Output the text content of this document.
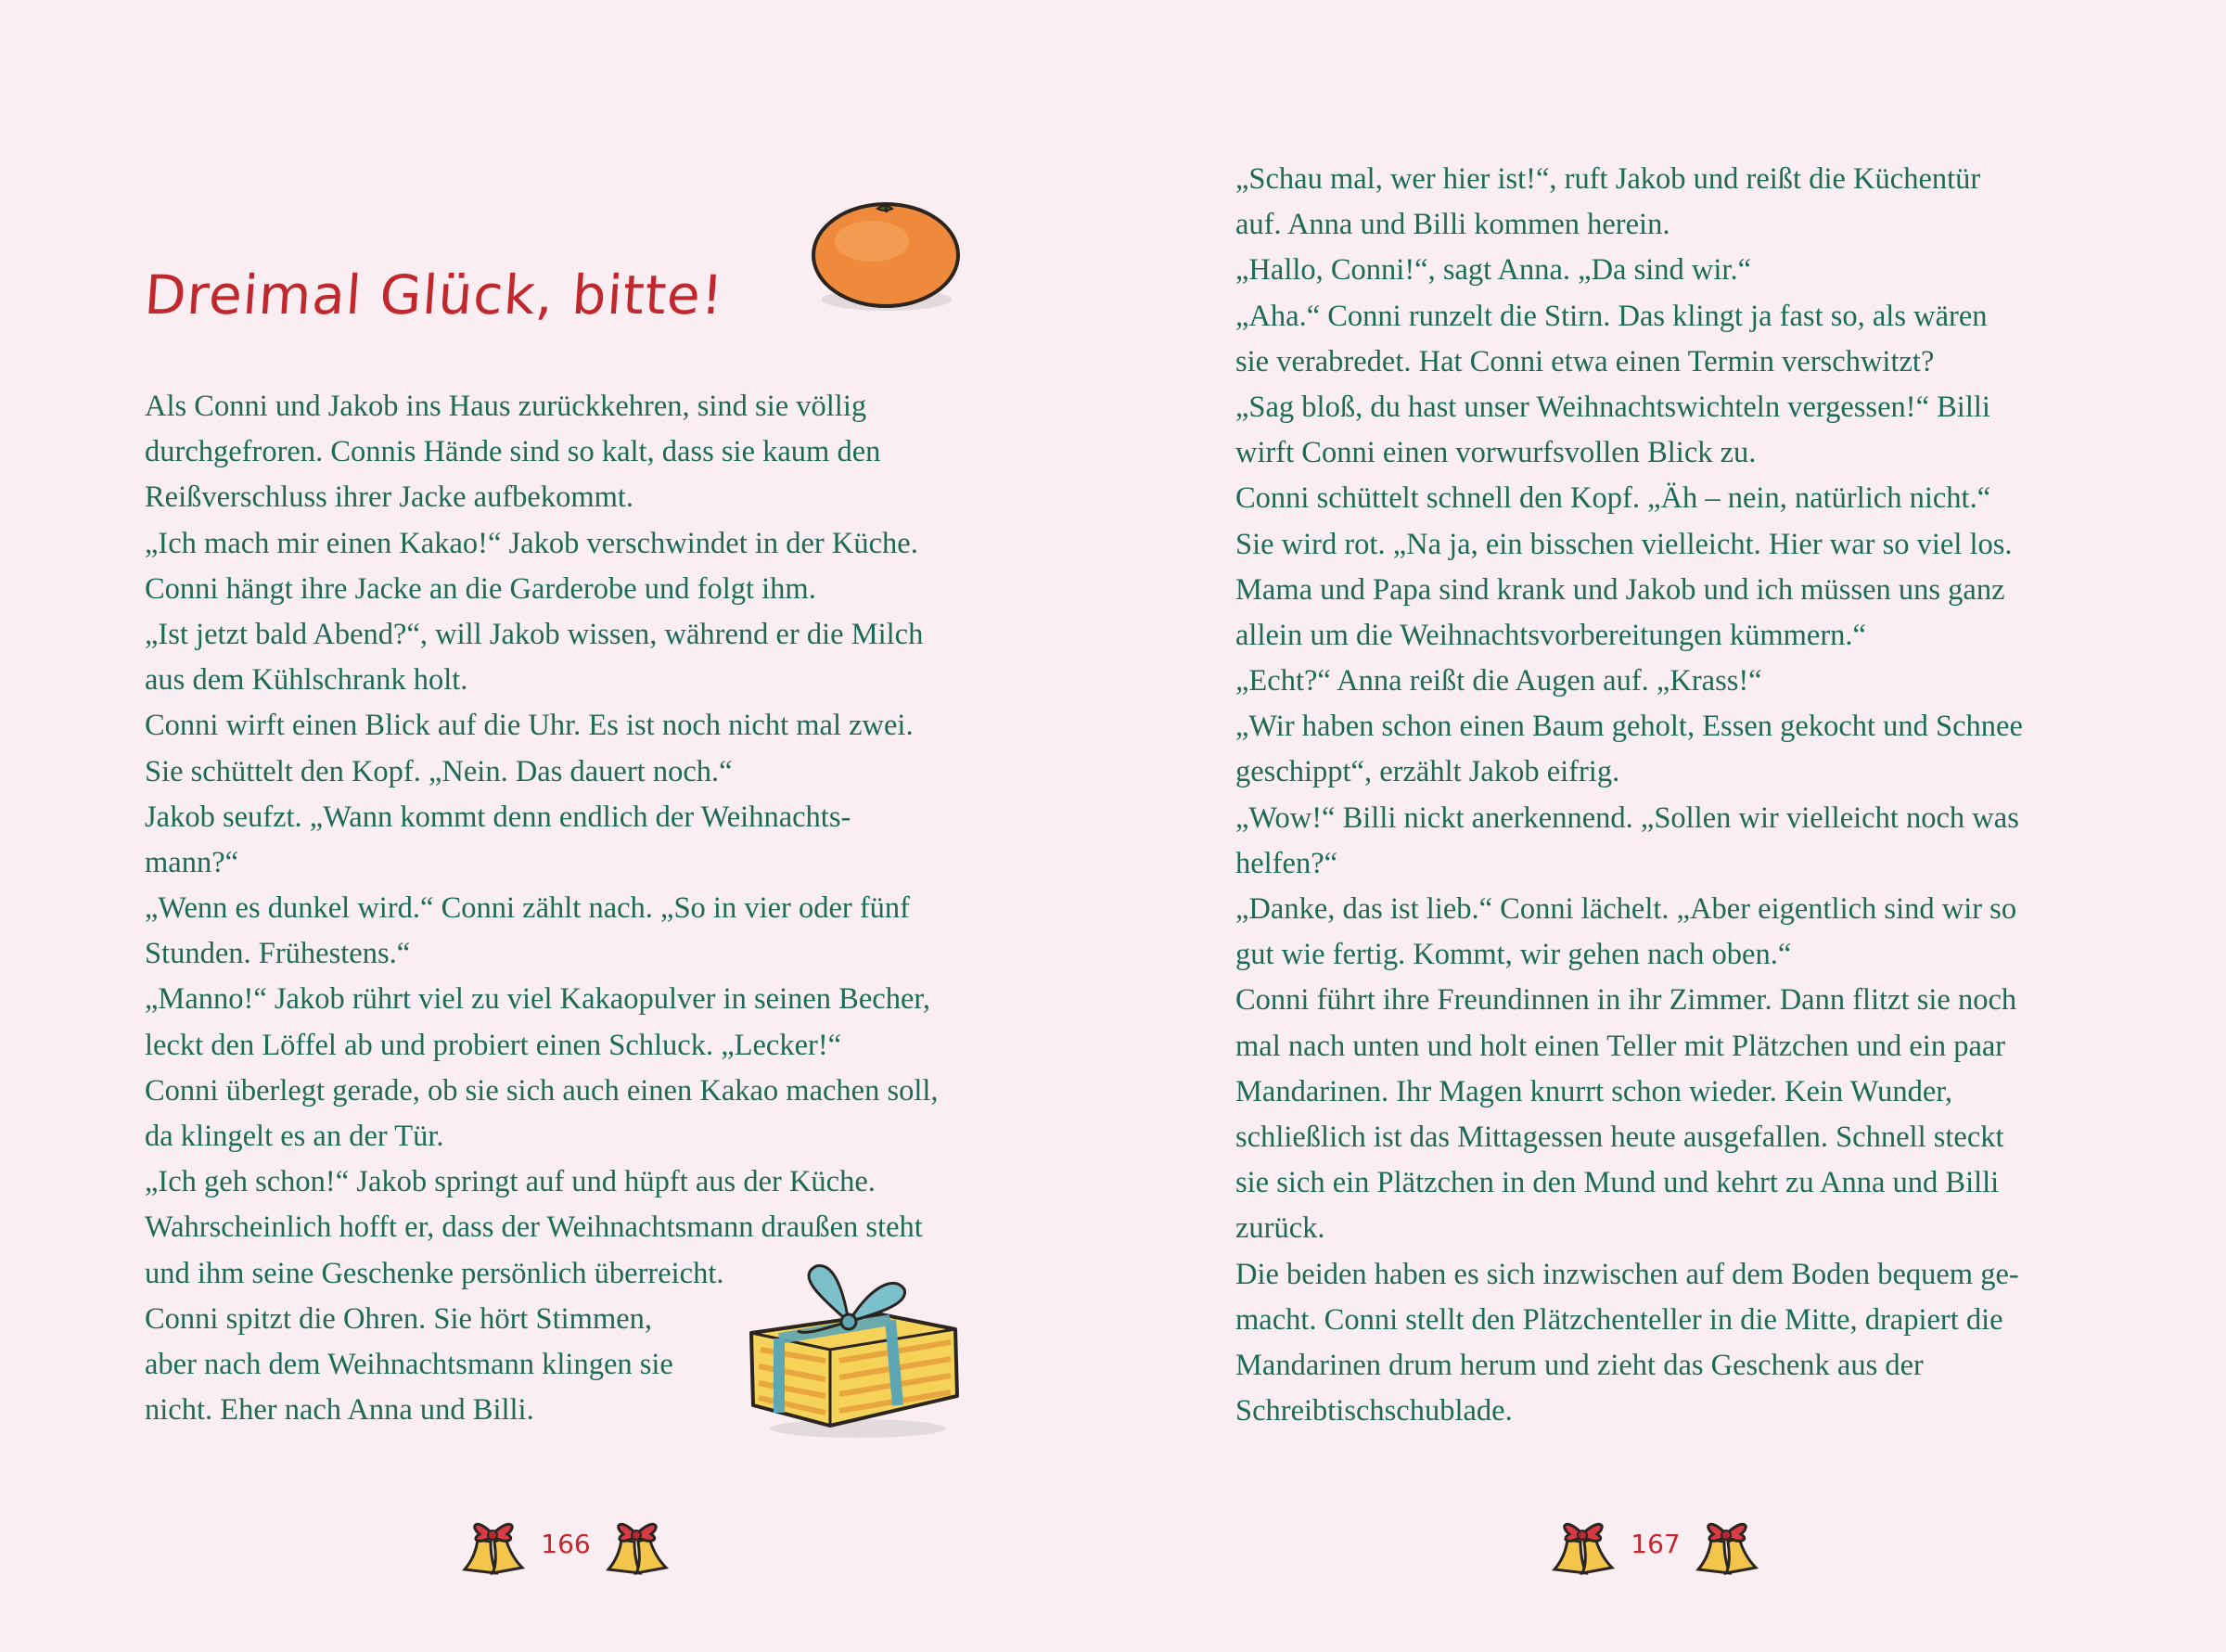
Dreimal Glück, bitte!
Als Conni und Jakob ins Haus zurückkehren, sind sie völlig
durchgefroren. Connis Hände sind so kalt, dass sie kaum den
Reißverschluss ihrer Jacke aufbekommt.
„Ich mach mir einen Kakao!“ Jakob verschwindet in der Küche.
Conni hängt ihre Jacke an die Garderobe und folgt ihm.
„Ist jetzt bald Abend?“, will Jakob wissen, während er die Milch
aus dem Kühlschrank holt.
Conni wirft einen Blick auf die Uhr. Es ist noch nicht mal zwei.
Sie schüttelt den Kopf. „Nein. Das dauert noch.“
Jakob seufzt. „Wann kommt denn endlich der Weihnachts-
mann?“
„Wenn es dunkel wird.“ Conni zählt nach. „So in vier oder fünf
Stunden. Frühestens.“
„Manno!“ Jakob rührt viel zu viel Kakaopulver in seinen Becher,
leckt den Löffel ab und probiert einen Schluck. „Lecker!“
Conni überlegt gerade, ob sie sich auch einen Kakao machen soll,
da klingelt es an der Tür.
„Ich geh schon!“ Jakob springt auf und hüpft aus der Küche.
Wahrscheinlich hofft er, dass der Weihnachtsmann draußen steht
und ihm seine Geschenke persönlich überreicht.
Conni spitzt die Ohren. Sie hört Stimmen,
aber nach dem Weihnachtsmann klingen sie
nicht. Eher nach Anna und Billi.
166	167
„Schau mal, wer hier ist!“, ruft Jakob und reißt die Küchentür
auf. Anna und Billi kommen herein.
„Hallo, Conni!“, sagt Anna. „Da sind wir.“
„Aha.“ Conni runzelt die Stirn. Das klingt ja fast so, als wären
sie verabredet. Hat Conni etwa einen Termin verschwitzt?
„Sag bloß, du hast unser Weihnachtswichteln vergessen!“ Billi
wirft Conni einen vorwurfsvollen Blick zu.
Conni schüttelt schnell den Kopf. „Äh – nein, natürlich nicht.“
Sie wird rot. „Na ja, ein bisschen vielleicht. Hier war so viel los.
Mama und Papa sind krank und Jakob und ich müssen uns ganz
allein um die Weihnachtsvorbereitungen kümmern.“
„Echt?“ Anna reißt die Augen auf. „Krass!“
„Wir haben schon einen Baum geholt, Essen gekocht und Schnee
geschippt“, erzählt Jakob eifrig.
„Wow!“ Billi nickt anerkennend. „Sollen wir vielleicht noch was
helfen?“
„Danke, das ist lieb.“ Conni lächelt. „Aber eigentlich sind wir so
gut wie fertig. Kommt, wir gehen nach oben.“
Conni führt ihre Freundinnen in ihr Zimmer. Dann flitzt sie noch
mal nach unten und holt einen Teller mit Plätzchen und ein paar
Mandarinen. Ihr Magen knurrt schon wieder. Kein Wunder,
schließlich ist das Mittagessen heute ausgefallen. Schnell steckt
sie sich ein Plätzchen in den Mund und kehrt zu Anna und Billi
zurück.
Die beiden haben es sich inzwischen auf dem Boden bequem ge-
macht. Conni stellt den Plätzchenteller in die Mitte, drapiert die
Mandarinen drum herum und zieht das Geschenk aus der
Schreibtischschublade.
